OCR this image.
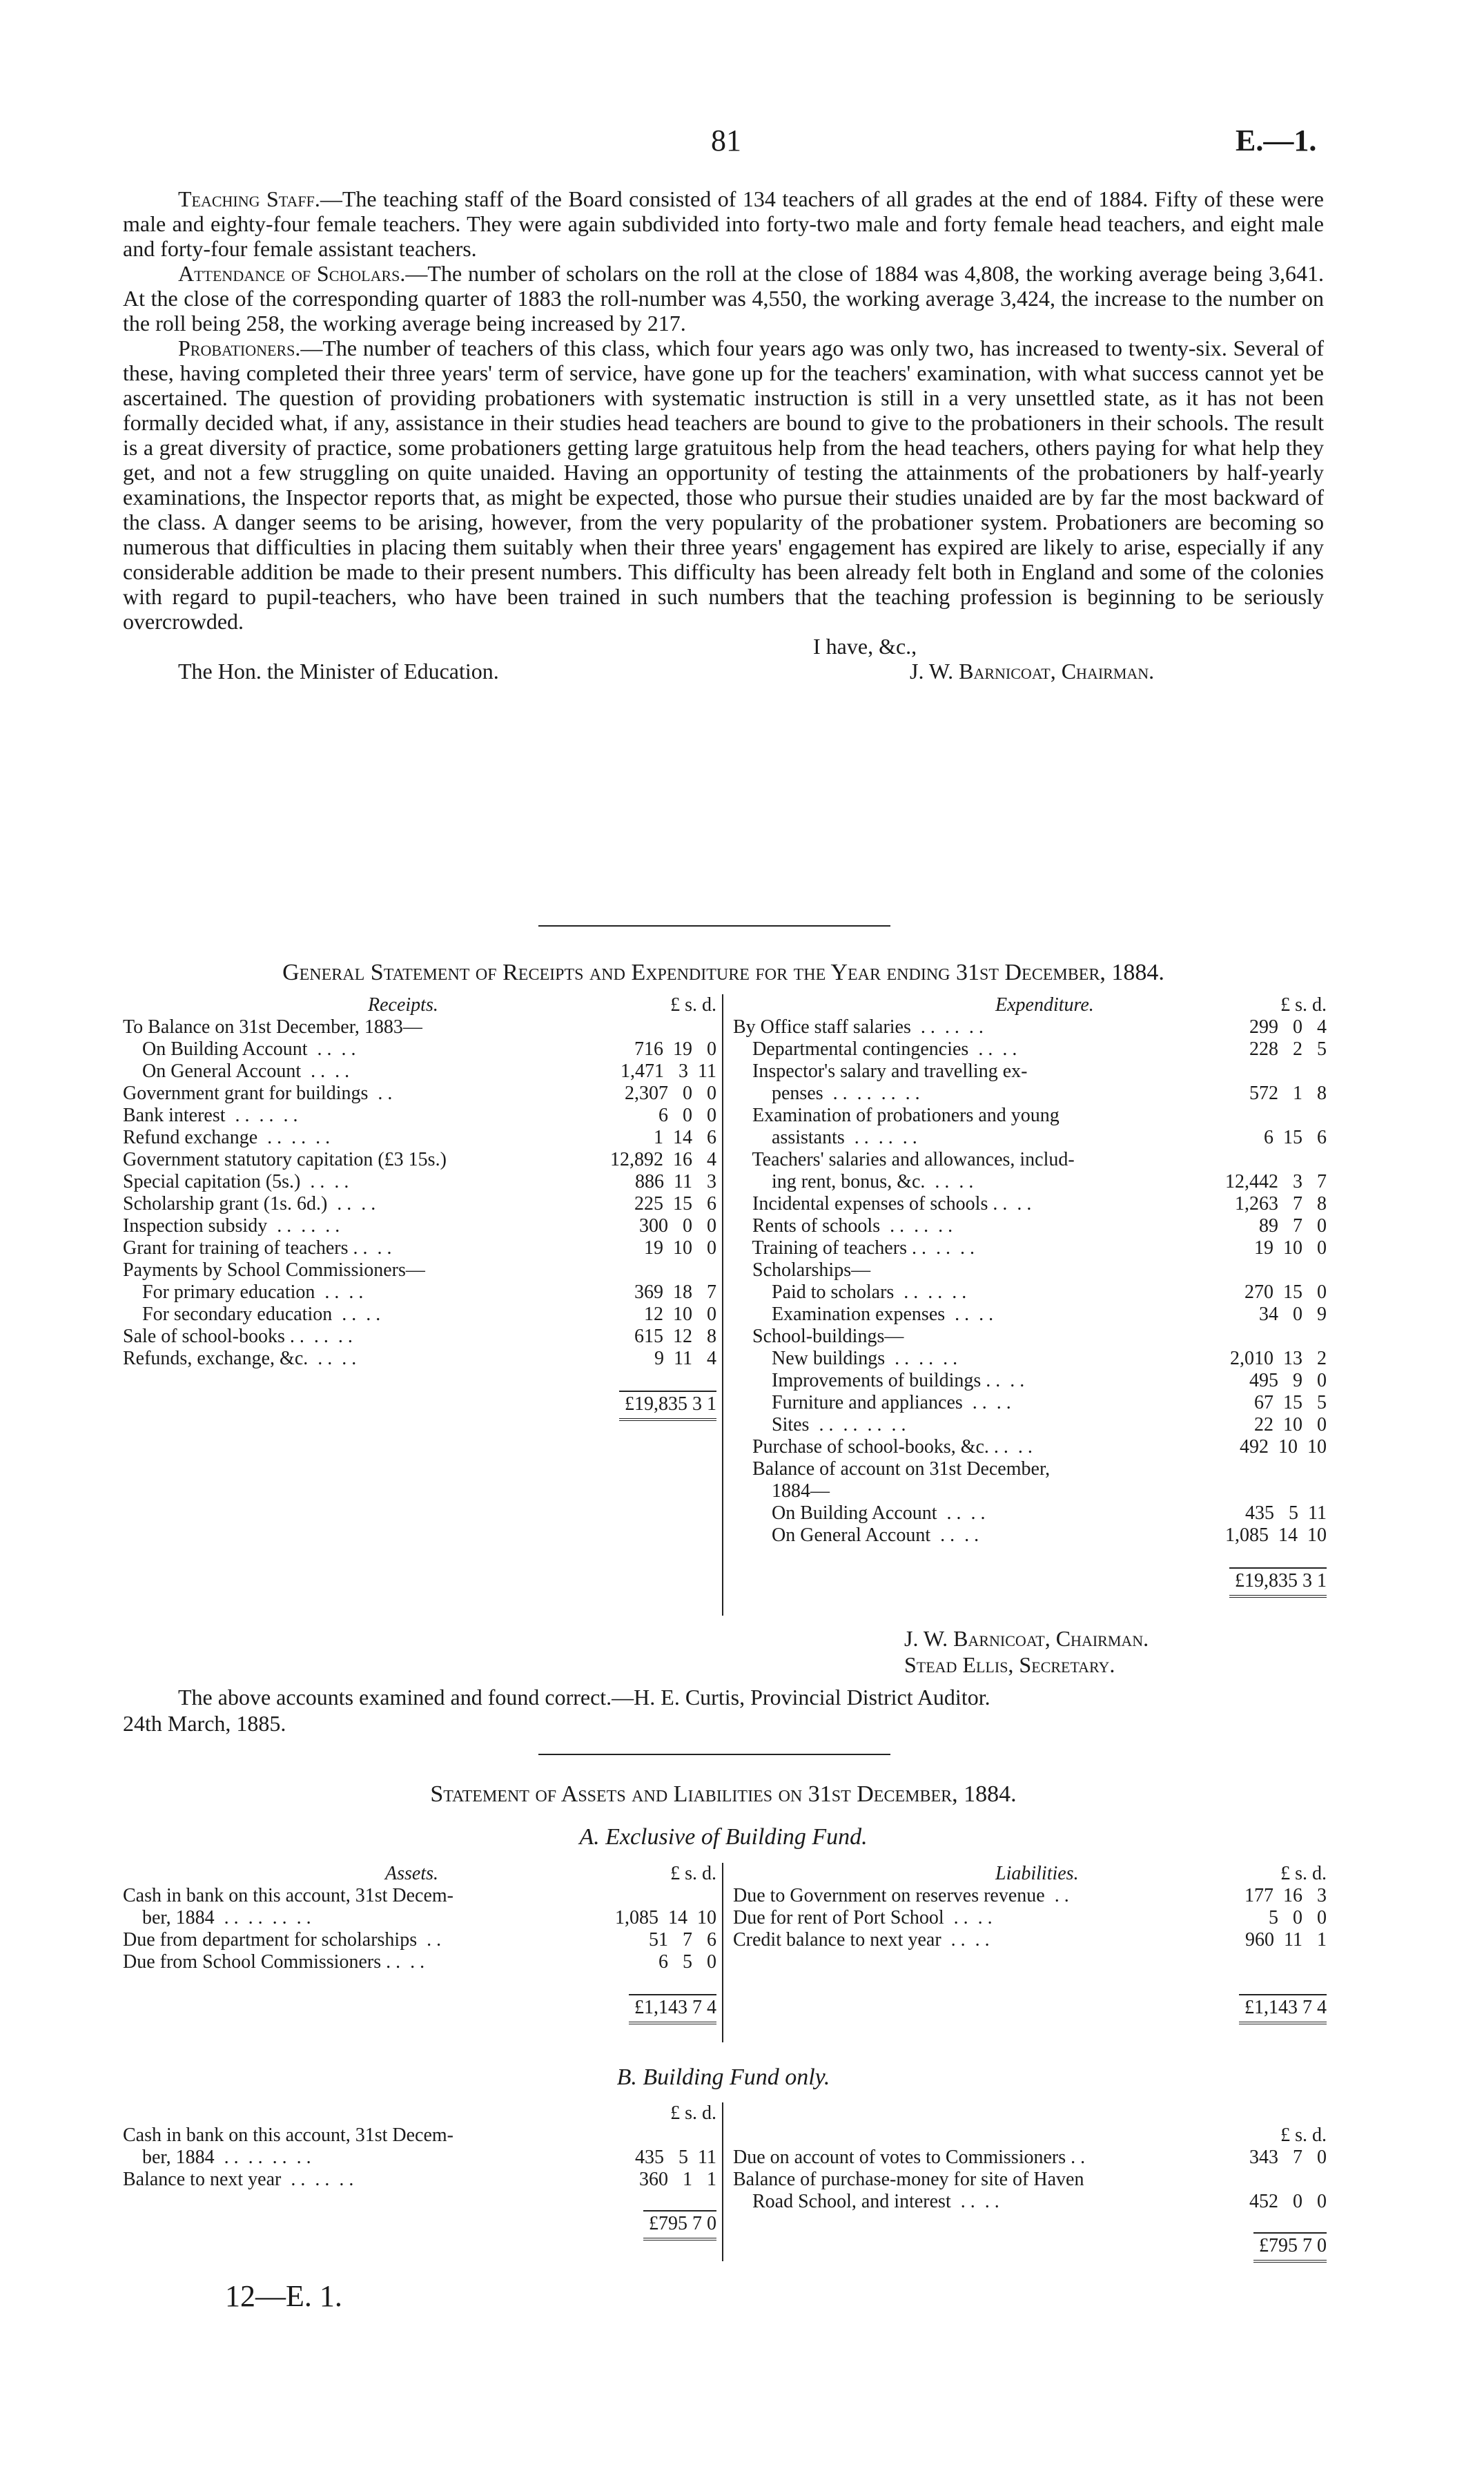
81	E.—1.

Teaching Staff.—The teaching staff of the Board consisted of 134 teachers of all grades at the end of 1884. Fifty of these were male and eighty-four female teachers. They were again subdivided into forty-two male and forty female head teachers, and eight male and forty-four female assistant teachers.

Attendance of Scholars.—The number of scholars on the roll at the close of 1884 was 4,808, the working average being 3,641. At the close of the corresponding quarter of 1883 the roll-number was 4,550, the working average 3,424, the increase to the number on the roll being 258, the working average being increased by 217.

Probationers.—The number of teachers of this class, which four years ago was only two, has increased to twenty-six. Several of these, having completed their three years' term of service, have gone up for the teachers' examination, with what success cannot yet be ascertained. The question of providing probationers with systematic instruction is still in a very unsettled state, as it has not been formally decided what, if any, assistance in their studies head teachers are bound to give to the probationers in their schools. The result is a great diversity of practice, some probationers getting large gratuitous help from the head teachers, others paying for what help they get, and not a few struggling on quite unaided. Having an opportunity of testing the attainments of the probationers by half-yearly examinations, the Inspector reports that, as might be expected, those who pursue their studies unaided are by far the most backward of the class. A danger seems to be arising, however, from the very popularity of the probationer system. Probationers are becoming so numerous that difficulties in placing them suitably when their three years' engagement has expired are likely to arise, especially if any considerable addition be made to their present numbers. This difficulty has been already felt both in England and some of the colonies with regard to pupil-teachers, who have been trained in such numbers that the teaching profession is beginning to be seriously overcrowded.

I have, &c.,
The Hon. the Minister of Education.	J. W. Barnicoat, Chairman.
General Statement of Receipts and Expenditure for the Year ending 31st December, 1884.
Receipts.	£ s. d.
To Balance on 31st December, 1883—
On Building Account  . .  . .	716  19   0
On General Account  . .  . .	1,471   3  11
Government grant for buildings  . .	2,307   0   0
Bank interest  . .  . .  . .	6   0   0
Refund exchange  . .  . .  . .	1  14   6
Government statutory capitation (£3 15s.)	12,892  16   4
Special capitation (5s.)  . .  . .	886  11   3
Scholarship grant (1s. 6d.)  . .  . .	225  15   6
Inspection subsidy  . .  . .  . .	300   0   0
Grant for training of teachers . .  . .	19  10   0
Payments by School Commissioners—
For primary education  . .  . .	369  18   7
For secondary education  . .  . .	12  10   0
Sale of school-books . .  . .  . .	615  12   8
Refunds, exchange, &c.  . .  . .	9  11   4
£19,835 3 1
Expenditure.	£ s. d.
By Office staff salaries  . .  . .  . .	299   0   4
Departmental contingencies  . .  . .	228   2   5
Inspector's salary and travelling ex-
penses  . .  . .  . .  . .	572   1   8
Examination of probationers and young
assistants  . .  . .  . .	6  15   6
Teachers' salaries and allowances, includ-
ing rent, bonus, &c.  . .  . .	12,442   3   7
Incidental expenses of schools . .  . .	1,263   7   8
Rents of schools  . .  . .  . .	89   7   0
Training of teachers . .  . .  . .	19  10   0
Scholarships—
Paid to scholars  . .  . .  . .	270  15   0
Examination expenses  . .  . .	34   0   9
School-buildings—
New buildings  . .  . .  . .	2,010  13   2
Improvements of buildings . .  . .	495   9   0
Furniture and appliances  . .  . .	67  15   5
Sites  . .  . .  . .  . .	22  10   0
Purchase of school-books, &c. . .  . .	492  10  10
Balance of account on 31st December,
1884—
On Building Account  . .  . .	435   5  11
On General Account  . .  . .	1,085  14  10
£19,835 3 1
J. W. Barnicoat, Chairman.
Stead Ellis, Secretary.
The above accounts examined and found correct.—H. E. Curtis, Provincial District Auditor.
24th March, 1885.
Statement of Assets and Liabilities on 31st December, 1884.
A. Exclusive of Building Fund.
Assets.	£ s. d.
Cash in bank on this account, 31st Decem-
ber, 1884  . .  . .  . .  . .	1,085  14  10
Due from department for scholarships  . .	51   7   6
Due from School Commissioners . .  . .	6   5   0
£1,143 7 4
Liabilities.	£ s. d.
Due to Government on reserves revenue  . .	177  16   3
Due for rent of Port School  . .  . .	5   0   0
Credit balance to next year  . .  . .	960  11   1
£1,143 7 4
B. Building Fund only.
£ s. d.
Cash in bank on this account, 31st Decem-
ber, 1884  . .  . .  . .  . .	435   5  11
Balance to next year  . .  . .  . .	360   1   1
£795 7 0
£ s. d.
Due on account of votes to Commissioners . .	343   7   0
Balance of purchase-money for site of Haven
Road School, and interest  . .  . .	452   0   0
£795 7 0
12—E. 1.
